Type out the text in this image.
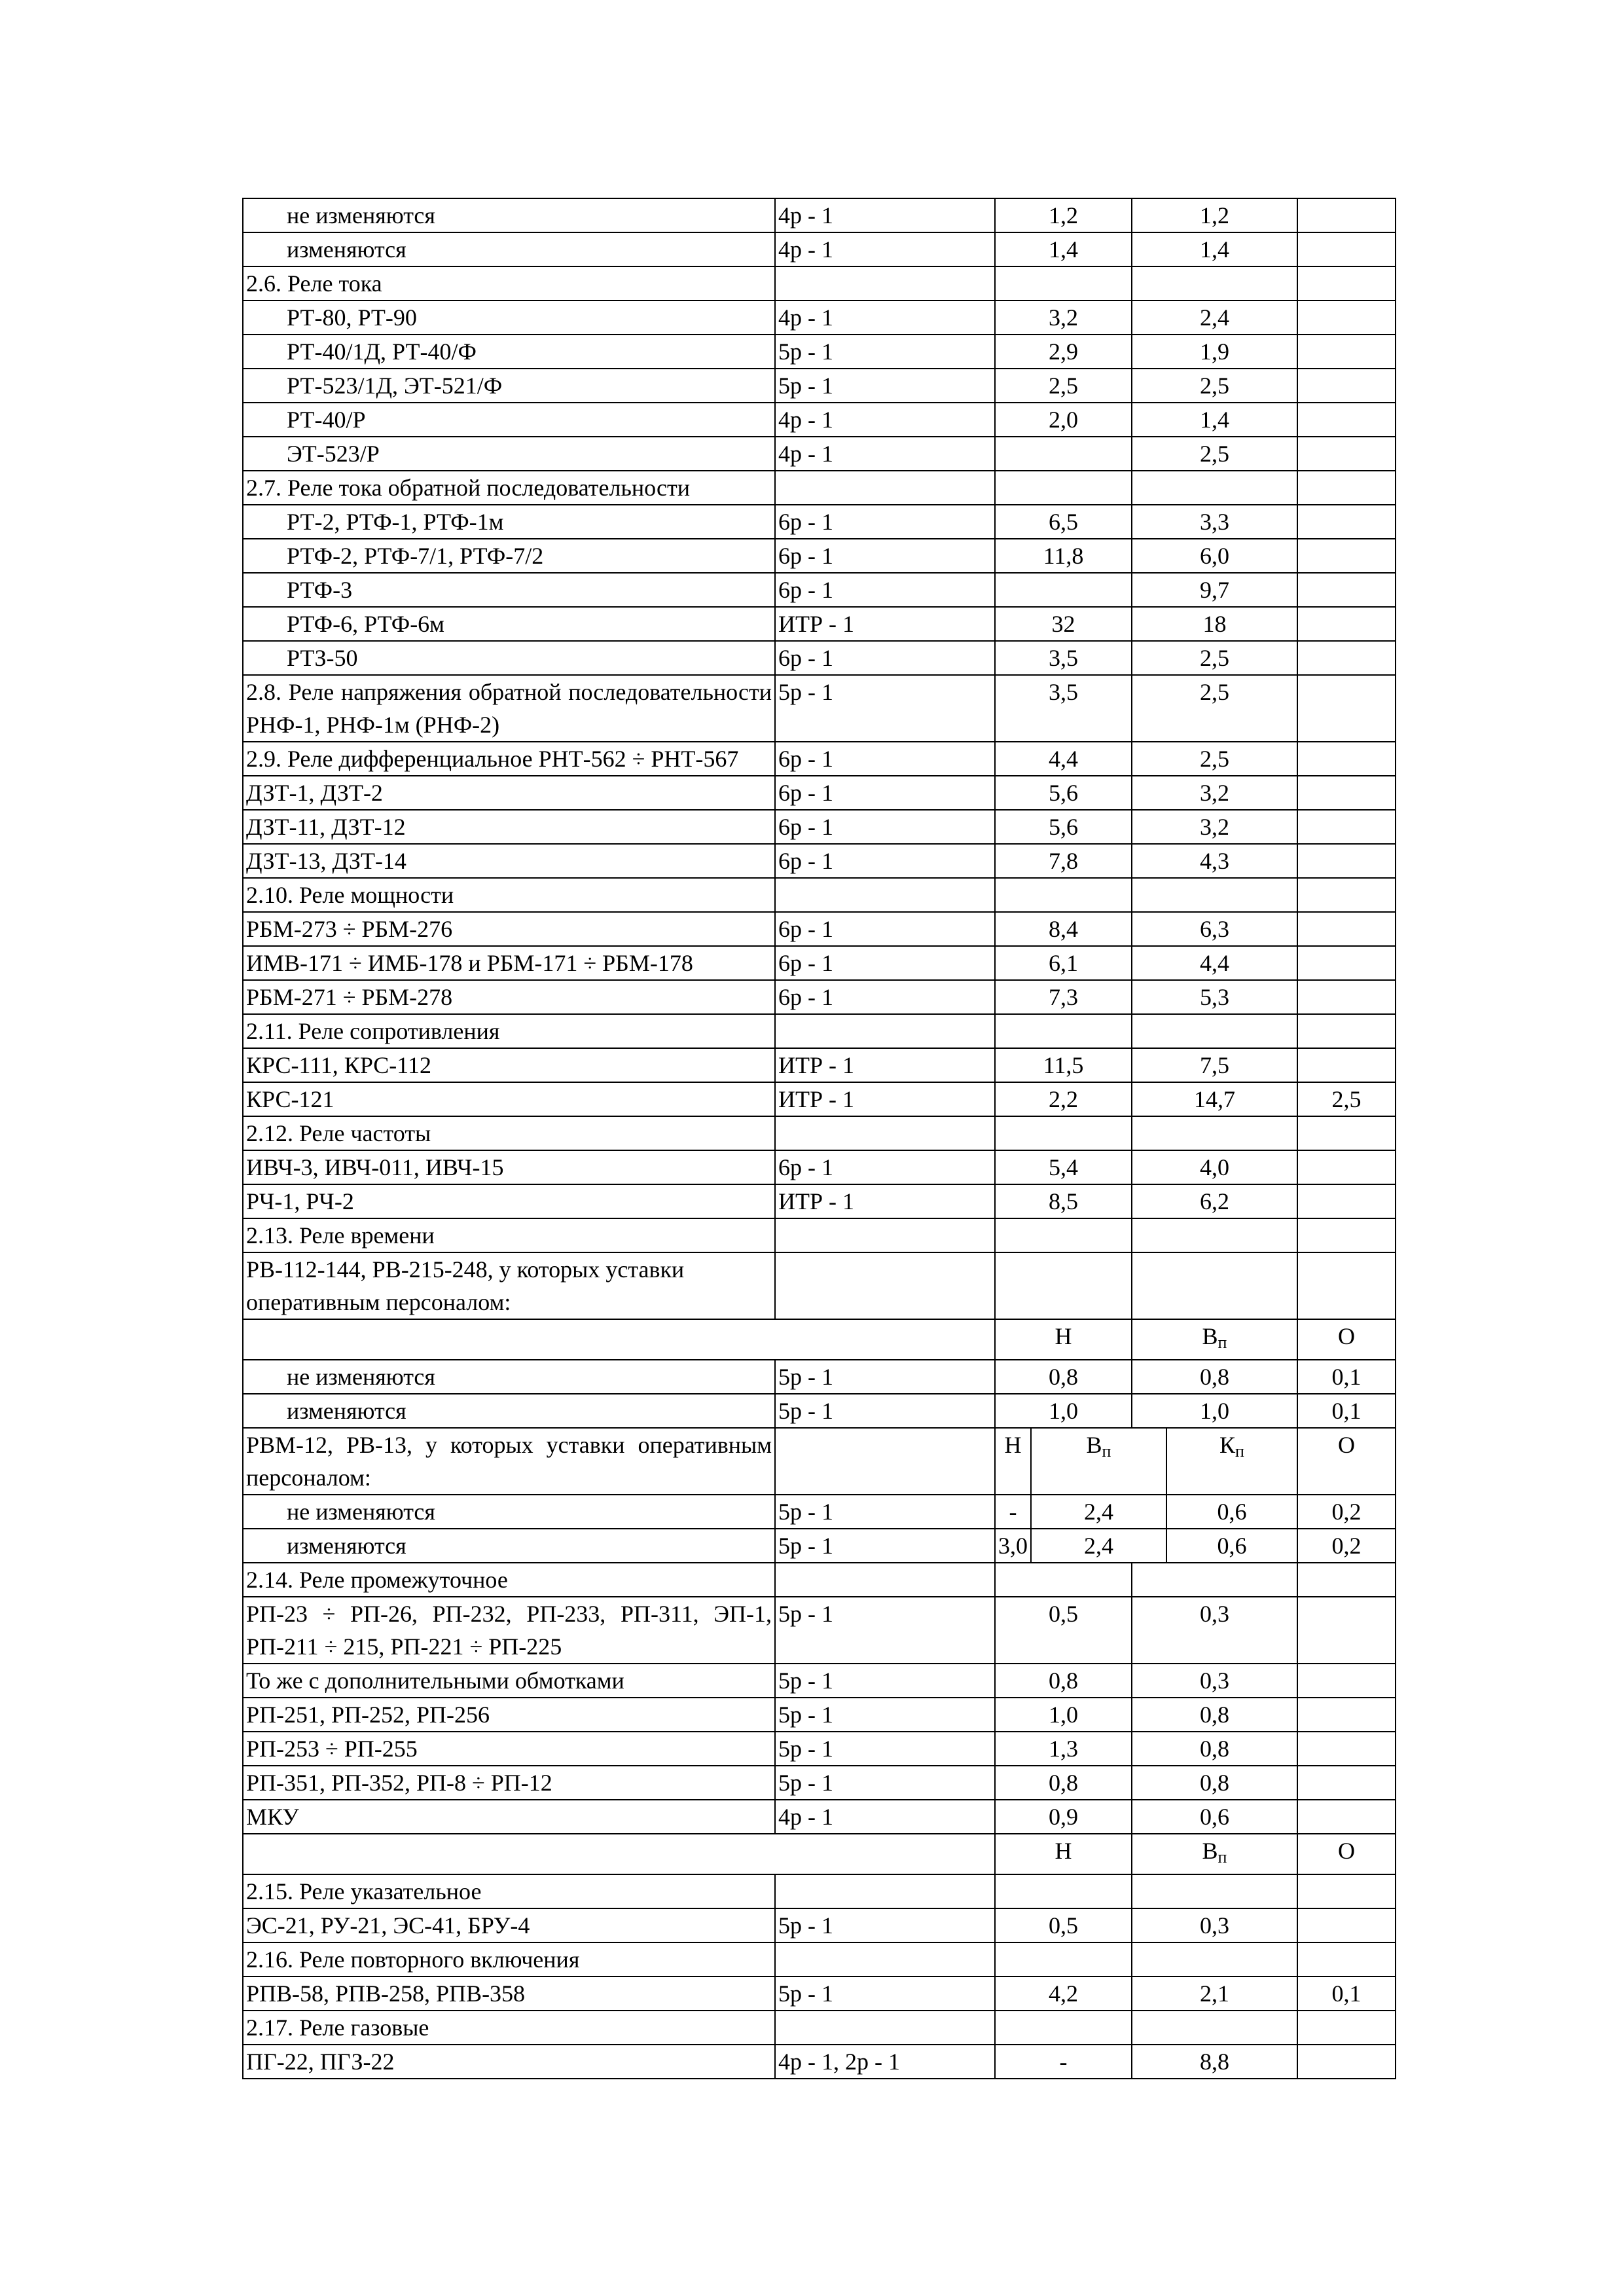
не изменяются	4р - 1	1,2		1,2		
изменяются	4р - 1	1,4		1,4		
2.6. Реле тока						
РТ-80, РТ-90	4р - 1	3,2		2,4		
РТ-40/1Д, РТ-40/Ф	5р - 1	2,9		1,9		
РТ-523/1Д, ЭТ-521/Ф	5р - 1	2,5		2,5		
РТ-40/Р	4р - 1	2,0		1,4		
ЭТ-523/Р	4р - 1			2,5		
2.7. Реле тока обратной последовательности						
РТ-2, РТФ-1, РТФ-1м	6р - 1	6,5		3,3		
РТФ-2, РТФ-7/1, РТФ-7/2	6р - 1	11,8		6,0		
РТФ-3	6р - 1			9,7		
РТФ-6, РТФ-6м	ИТР - 1	32		18		
РТЗ-50	6р - 1	3,5		2,5		
2.8. Реле напряжения обратной последовательности РНФ-1, РНФ-1м (РНФ-2)	5р - 1	3,5		2,5		
2.9. Реле дифференциальное РНТ-562 ÷ РНТ-567	6р - 1	4,4		2,5		
ДЗТ-1, ДЗТ-2	6р - 1	5,6		3,2		
ДЗТ-11, ДЗТ-12	6р - 1	5,6		3,2		
ДЗТ-13, ДЗТ-14	6р - 1	7,8		4,3		
2.10. Реле мощности						
РБМ-273 ÷ РБМ-276	6р - 1	8,4		6,3		
ИМВ-171 ÷ ИМБ-178 и РБМ-171 ÷ РБМ-178	6р - 1	6,1		4,4		
РБМ-271 ÷ РБМ-278	6р - 1	7,3		5,3		
2.11. Реле сопротивления						
КРС-111, КРС-112	ИТР - 1	11,5		7,5		
КРС-121	ИТР - 1	2,2		14,7		2,5
2.12. Реле частоты						
ИВЧ-3, ИВЧ-011, ИВЧ-15	6р - 1	5,4		4,0		
РЧ-1, РЧ-2	ИТР - 1	8,5		6,2		
2.13. Реле времени						
РВ-112-144, РВ-215-248, у которых уставки оперативным персоналом:						
		Н		Вп		О
не изменяются	5р - 1	0,8		0,8		0,1
изменяются	5р - 1	1,0		1,0		0,1
РВМ-12, РВ-13, у которых уставки оперативным персоналом:		Н	Вп		Кп	О
не изменяются	5р - 1	-	2,4		0,6	0,2
изменяются	5р - 1	3,0	2,4		0,6	0,2
2.14. Реле промежуточное						
РП-23 ÷ РП-26, РП-232, РП-233, РП-311, ЭП-1, РП-211 ÷ 215, РП-221 ÷ РП-225	5р - 1	0,5		0,3		
То же с дополнительными обмотками	5р - 1	0,8		0,3		
РП-251, РП-252, РП-256	5р - 1	1,0		0,8		
РП-253 ÷ РП-255	5р - 1	1,3		0,8		
РП-351, РП-352, РП-8 ÷ РП-12	5р - 1	0,8		0,8		
МКУ	4р - 1	0,9		0,6		
		Н		Вп		О
2.15. Реле указательное						
ЭС-21, РУ-21, ЭС-41, БРУ-4	5р - 1	0,5		0,3		
2.16. Реле повторного включения						
РПВ-58, РПВ-258, РПВ-358	5р - 1	4,2		2,1		0,1
2.17. Реле газовые						
ПГ-22, ПГЗ-22	4р - 1, 2р - 1	-		8,8		
